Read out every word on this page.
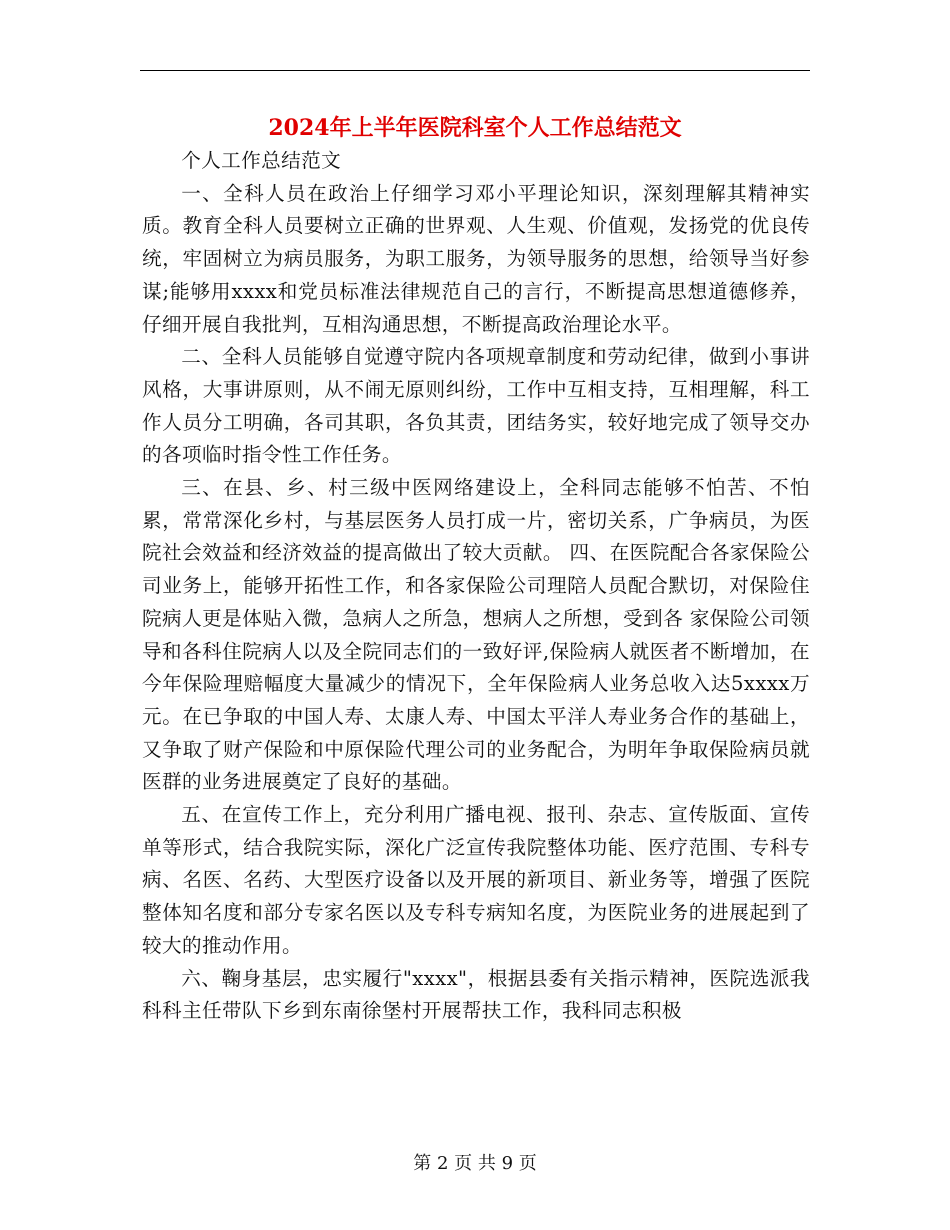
2024年上半年医院科室个人工作总结范文

个人工作总结范文

一、全科人员在政治上仔细学习邓小平理论知识，深刻理解其精神实质。教育全科人员要树立正确的世界观、人生观、价值观，发扬党的优良传统，牢固树立为病员服务，为职工服务，为领导服务的思想，给领导当好参谋;能够用xxxx和党员标准法律规范自己的言行，不断提高思想道德修养，仔细开展自我批判，互相沟通思想，不断提高政治理论水平。

二、全科人员能够自觉遵守院内各项规章制度和劳动纪律，做到小事讲风格，大事讲原则，从不闹无原则纠纷，工作中互相支持，互相理解，科工作人员分工明确，各司其职，各负其责，团结务实，较好地完成了领导交办的各项临时指令性工作任务。

三、在县、乡、村三级中医网络建设上，全科同志能够不怕苦、不怕累，常常深化乡村，与基层医务人员打成一片，密切关系，广争病员，为医院社会效益和经济效益的提高做出了较大贡献。 四、在医院配合各家保险公司业务上，能够开拓性工作，和各家保险公司理陪人员配合默切，对保险住院病人更是体贴入微，急病人之所急，想病人之所想，受到各 家保险公司领导和各科住院病人以及全院同志们的一致好评,保险病人就医者不断增加，在今年保险理赔幅度大量减少的情况下，全年保险病人业务总收入达5xxxx万元。在已争取的中国人寿、太康人寿、中国太平洋人寿业务合作的基础上，又争取了财产保险和中原保险代理公司的业务配合，为明年争取保险病员就医群的业务进展奠定了良好的基础。

五、在宣传工作上，充分利用广播电视、报刊、杂志、宣传版面、宣传单等形式，结合我院实际，深化广泛宣传我院整体功能、医疗范围、专科专病、名医、名药、大型医疗设备以及开展的新项目、新业务等，增强了医院整体知名度和部分专家名医以及专科专病知名度，为医院业务的进展起到了较大的推动作用。

六、鞠身基层，忠实履行"xxxx"，根据县委有关指示精神，医院选派我科科主任带队下乡到东南徐堡村开展帮扶工作，我科同志积极

第 2 页 共 9 页
